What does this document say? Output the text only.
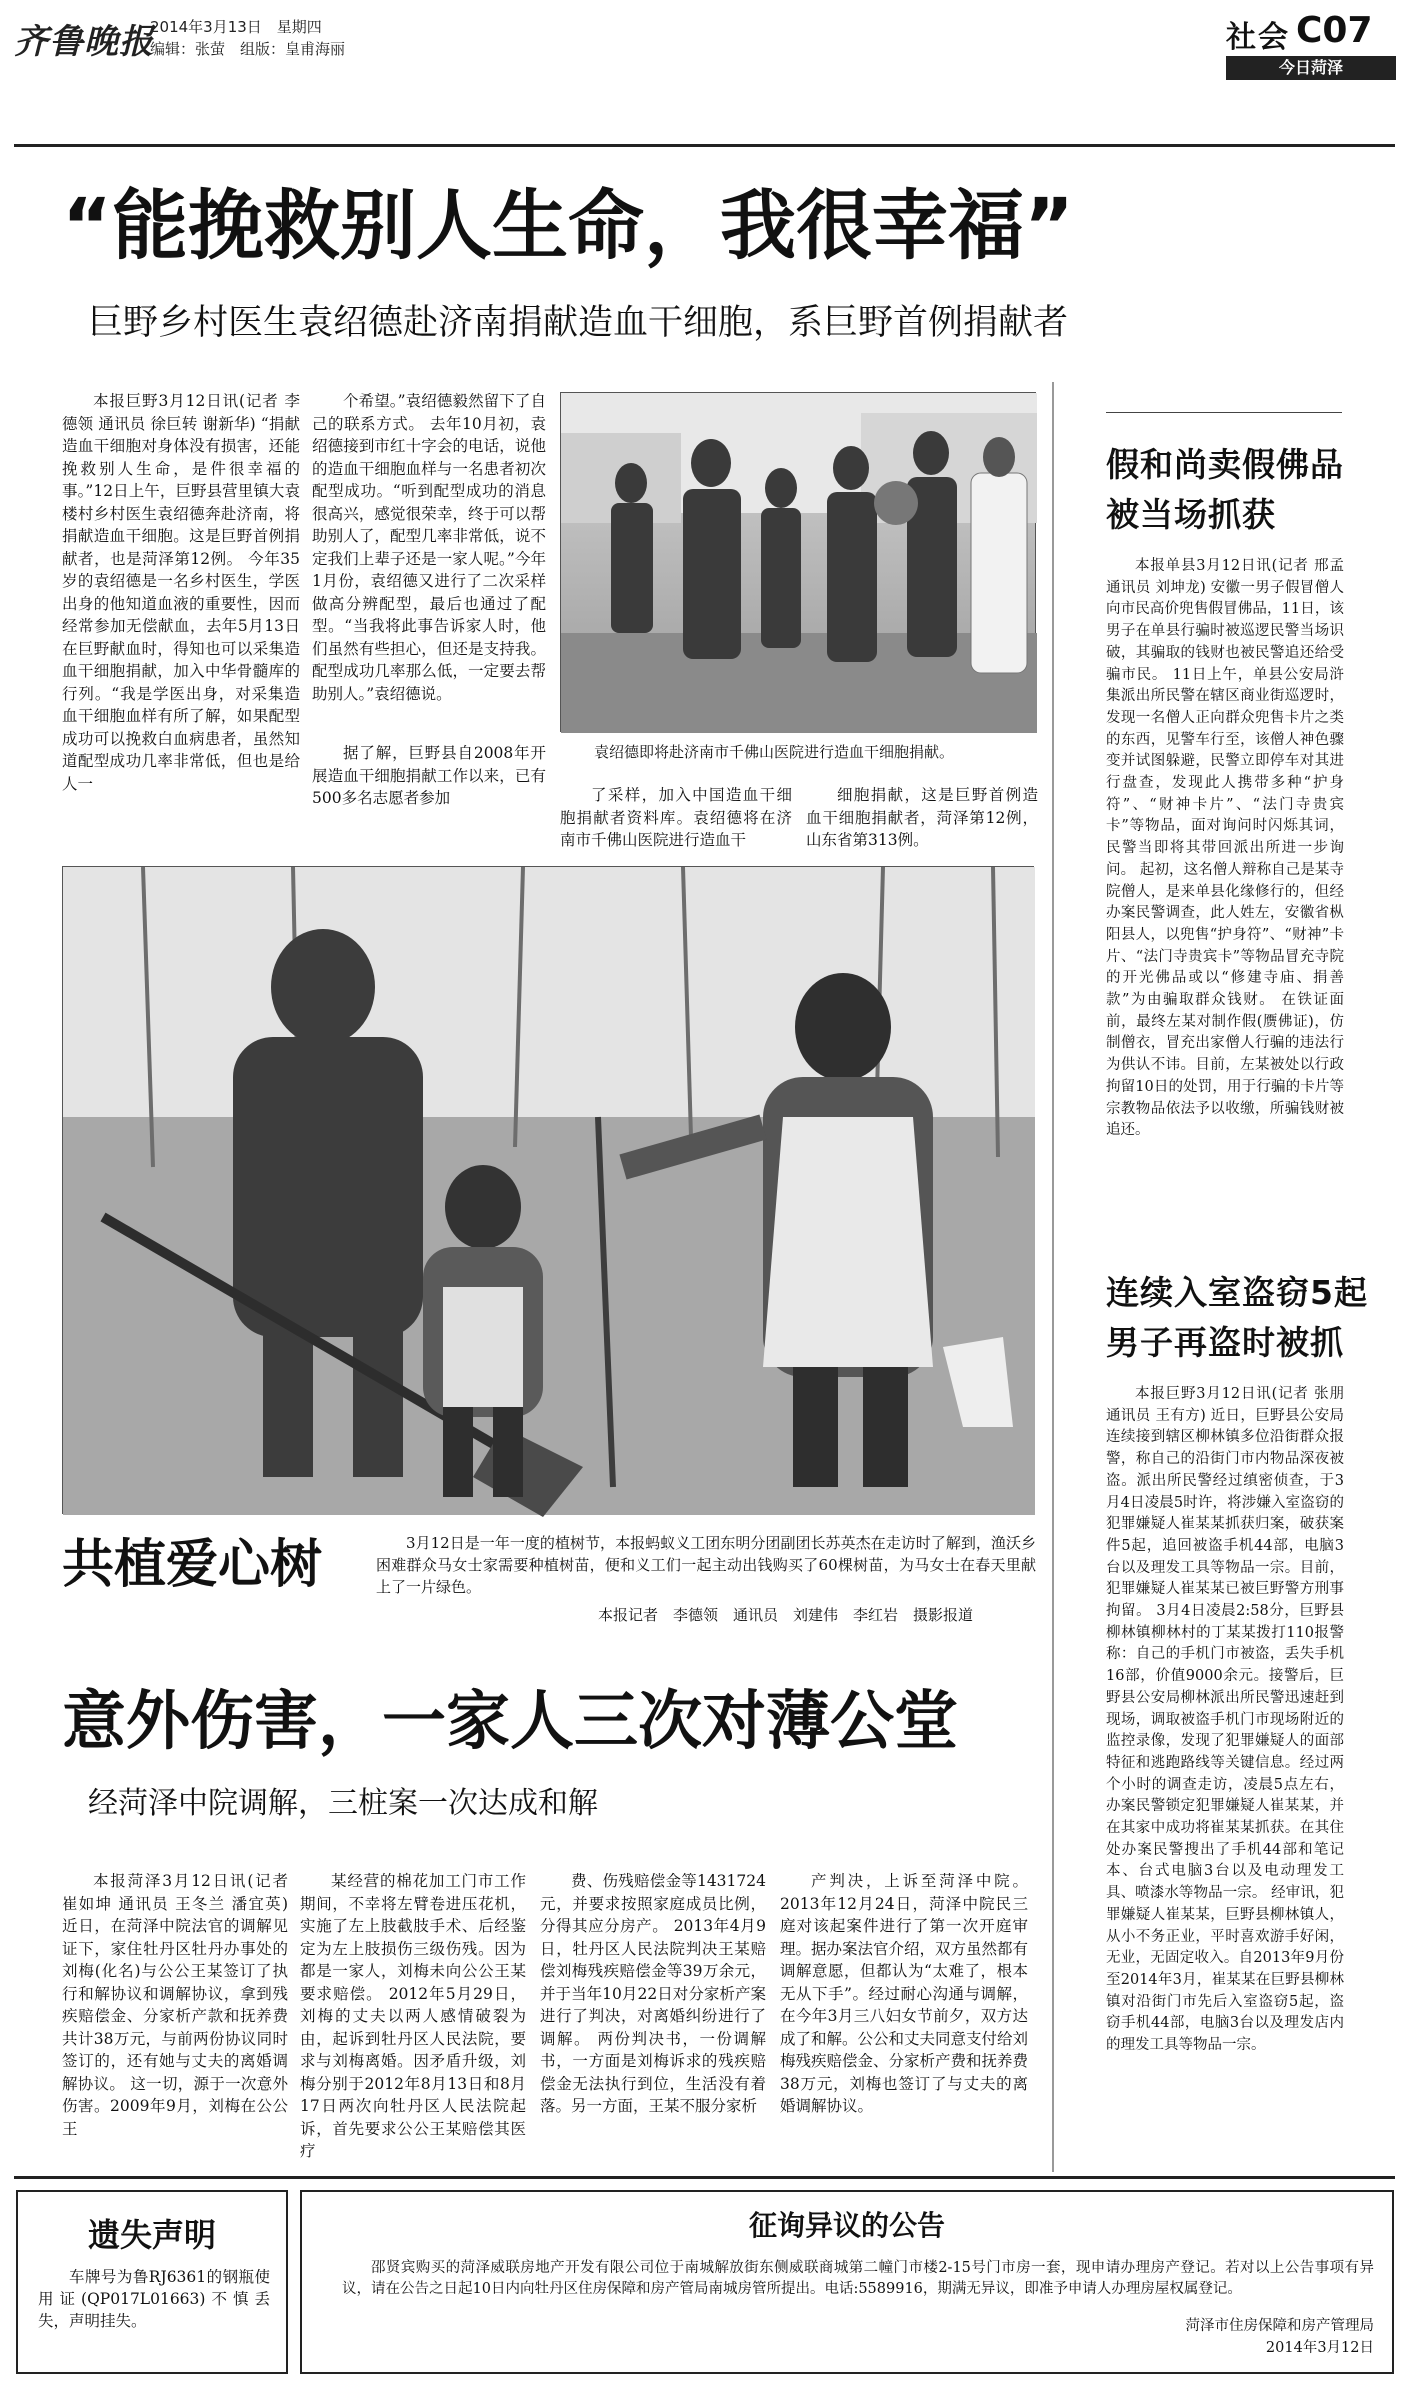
齐鲁晚报
2014年3月13日　星期四
编辑：张萤　组版：皇甫海丽	社会 C07
今日菏泽
“能挽救别人生命，我很幸福”
巨野乡村医生袁绍德赴济南捐献造血干细胞，系巨野首例捐献者
本报巨野3月12日讯(记者 李德领 通讯员 徐巨转 谢新华) “捐献造血干细胞对身体没有损害，还能挽救别人生命，是件很幸福的事。”12日上午，巨野县营里镇大袁楼村乡村医生袁绍德奔赴济南，将捐献造血干细胞。这是巨野首例捐献者，也是菏泽第12例。 今年35岁的袁绍德是一名乡村医生，学医出身的他知道血液的重要性，因而经常参加无偿献血，去年5月13日在巨野献血时，得知也可以采集造血干细胞捐献，加入中华骨髓库的行列。“我是学医出身，对采集造血干细胞血样有所了解，如果配型成功可以挽救白血病患者，虽然知道配型成功几率非常低，但也是给人一
个希望。”袁绍德毅然留下了自己的联系方式。 去年10月初，袁绍德接到市红十字会的电话，说他的造血干细胞血样与一名患者初次配型成功。“听到配型成功的消息很高兴，感觉很荣幸，终于可以帮助别人了，配型几率非常低，说不定我们上辈子还是一家人呢。”今年1月份，袁绍德又进行了二次采样做高分辨配型，最后也通过了配型。“当我将此事告诉家人时，他们虽然有些担心，但还是支持我。配型成功几率那么低，一定要去帮助别人。”袁绍德说。
据了解，巨野县自2008年开展造血干细胞捐献工作以来，已有500多名志愿者参加
袁绍德即将赴济南市千佛山医院进行造血干细胞捐献。
了采样，加入中国造血干细胞捐献者资料库。袁绍德将在济南市千佛山医院进行造血干
细胞捐献，这是巨野首例造血干细胞捐献者，菏泽第12例，山东省第313例。
共植爱心树	3月12日是一年一度的植树节，本报蚂蚁义工团东明分团副团长苏英杰在走访时了解到，渔沃乡困难群众马女士家需要种植树苗，便和义工们一起主动出钱购买了60棵树苗，为马女士在春天里献上了一片绿色。
本报记者　李德领　通讯员　刘建伟　李红岩　摄影报道
意外伤害，一家人三次对薄公堂
经菏泽中院调解，三桩案一次达成和解
本报菏泽3月12日讯(记者 崔如坤 通讯员 王冬兰 潘宜英) 近日，在菏泽中院法官的调解见证下，家住牡丹区牡丹办事处的刘梅(化名)与公公王某签订了执行和解协议和调解协议，拿到残疾赔偿金、分家析产款和抚养费共计38万元，与前两份协议同时签订的，还有她与丈夫的离婚调解协议。 这一切，源于一次意外伤害。2009年9月，刘梅在公公王
某经营的棉花加工门市工作期间，不幸将左臂卷进压花机，实施了左上肢截肢手术、后经鉴定为左上肢损伤三级伤残。因为都是一家人，刘梅未向公公王某要求赔偿。 2012年5月29日，刘梅的丈夫以两人感情破裂为由，起诉到牡丹区人民法院，要求与刘梅离婚。因矛盾升级，刘梅分别于2012年8月13日和8月17日两次向牡丹区人民法院起诉，首先要求公公王某赔偿其医疗
费、伤残赔偿金等1431724元，并要求按照家庭成员比例，分得其应分房产。 2013年4月9日，牡丹区人民法院判决王某赔偿刘梅残疾赔偿金等39万余元，并于当年10月22日对分家析产案进行了判决，对离婚纠纷进行了调解。 两份判决书，一份调解书，一方面是刘梅诉求的残疾赔偿金无法执行到位，生活没有着落。另一方面，王某不服分家析
产判决，上诉至菏泽中院。 2013年12月24日，菏泽中院民三庭对该起案件进行了第一次开庭审理。据办案法官介绍，双方虽然都有调解意愿，但都认为“太难了，根本无从下手”。经过耐心沟通与调解，在今年3月三八妇女节前夕，双方达成了和解。公公和丈夫同意支付给刘梅残疾赔偿金、分家析产费和抚养费38万元，刘梅也签订了与丈夫的离婚调解协议。
假和尚卖假佛品
被当场抓获
本报单县3月12日讯(记者 邢孟 通讯员 刘坤龙) 安徽一男子假冒僧人向市民高价兜售假冒佛品，11日，该男子在单县行骗时被巡逻民警当场识破，其骗取的钱财也被民警追还给受骗市民。 11日上午，单县公安局浒集派出所民警在辖区商业街巡逻时，发现一名僧人正向群众兜售卡片之类的东西，见警车行至，该僧人神色骤变并试图躲避，民警立即停车对其进行盘查，发现此人携带多种“护身符”、“财神卡片”、“法门寺贵宾卡”等物品，面对询问时闪烁其词，民警当即将其带回派出所进一步询问。 起初，这名僧人辩称自己是某寺院僧人，是来单县化缘修行的，但经办案民警调查，此人姓左，安徽省枞阳县人，以兜售“护身符”、“财神”卡片、“法门寺贵宾卡”等物品冒充寺院的开光佛品或以“修建寺庙、捐善款”为由骗取群众钱财。 在铁证面前，最终左某对制作假(赝佛证)，仿制僧衣，冒充出家僧人行骗的违法行为供认不讳。目前，左某被处以行政拘留10日的处罚，用于行骗的卡片等宗教物品依法予以收缴，所骗钱财被追还。
连续入室盗窃5起
男子再盗时被抓
本报巨野3月12日讯(记者 张朋 通讯员 王有方) 近日，巨野县公安局连续接到辖区柳林镇多位沿街群众报警，称自己的沿街门市内物品深夜被盗。派出所民警经过缜密侦查，于3月4日凌晨5时许，将涉嫌入室盗窃的犯罪嫌疑人崔某某抓获归案，破获案件5起，追回被盗手机44部，电脑3台以及理发工具等物品一宗。目前，犯罪嫌疑人崔某某已被巨野警方刑事拘留。 3月4日凌晨2:58分，巨野县柳林镇柳林村的丁某某拨打110报警称：自己的手机门市被盗，丢失手机16部，价值9000余元。接警后，巨野县公安局柳林派出所民警迅速赶到现场，调取被盗手机门市现场附近的监控录像，发现了犯罪嫌疑人的面部特征和逃跑路线等关键信息。经过两个小时的调查走访，凌晨5点左右，办案民警锁定犯罪嫌疑人崔某某，并在其家中成功将崔某某抓获。在其住处办案民警搜出了手机44部和笔记本、台式电脑3台以及电动理发工具、喷漆水等物品一宗。 经审讯，犯罪嫌疑人崔某某，巨野县柳林镇人，从小不务正业，平时喜欢游手好闲，无业，无固定收入。自2013年9月份至2014年3月，崔某某在巨野县柳林镇对沿街门市先后入室盗窃5起，盗窃手机44部，电脑3台以及理发店内的理发工具等物品一宗。
遗失声明
车牌号为鲁RJ6361的钢瓶使用证(QP017L01663)不慎丢失，声明挂失。
征询异议的公告
邵贤宾购买的菏泽威联房地产开发有限公司位于南城解放街东侧威联商城第二幢门市楼2-15号门市房一套，现申请办理房产登记。若对以上公告事项有异议，请在公告之日起10日内向牡丹区住房保障和房产管局南城房管所提出。电话:5589916，期满无异议，即准予申请人办理房屋权属登记。
菏泽市住房保障和房产管理局
2014年3月12日
